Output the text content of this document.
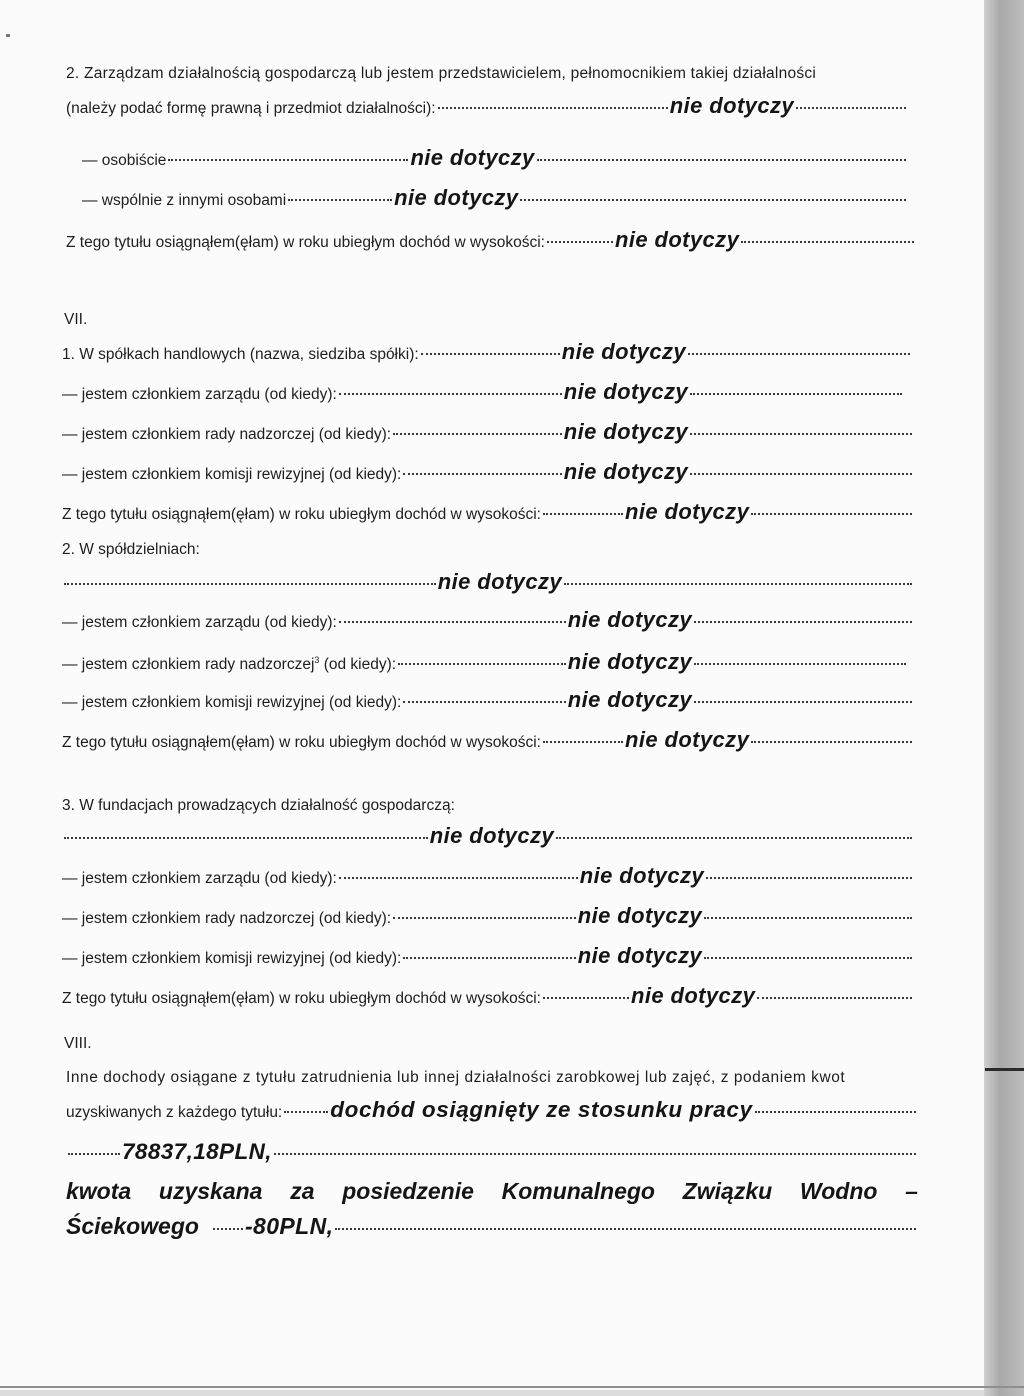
2. Zarządzam działalnością gospodarczą lub jestem przedstawicielem, pełnomocnikiem takiej działalności
(należy podać formę prawną i przedmiot działalności):	nie dotyczy
— osobiście	nie dotyczy
— wspólnie z innymi osobami	nie dotyczy
Z tego tytułu osiągnąłem(ęłam) w roku ubiegłym dochód w wysokości:	nie dotyczy
VII.
1. W spółkach handlowych (nazwa, siedziba spółki):	nie dotyczy
— jestem członkiem zarządu (od kiedy):	nie dotyczy
— jestem członkiem rady nadzorczej (od kiedy):	nie dotyczy
— jestem członkiem komisji rewizyjnej (od kiedy):	nie dotyczy
Z tego tytułu osiągnąłem(ęłam) w roku ubiegłym dochód w wysokości:	nie dotyczy
2. W spółdzielniach:
nie dotyczy
— jestem członkiem zarządu (od kiedy):	nie dotyczy
— jestem członkiem rady nadzorczej$^3$ (od kiedy):	nie dotyczy
— jestem członkiem komisji rewizyjnej (od kiedy):	nie dotyczy
Z tego tytułu osiągnąłem(ęłam) w roku ubiegłym dochód w wysokości:	nie dotyczy
3. W fundacjach prowadzących działalność gospodarczą:
nie dotyczy
— jestem członkiem zarządu (od kiedy):	nie dotyczy
— jestem członkiem rady nadzorczej (od kiedy):	nie dotyczy
— jestem członkiem komisji rewizyjnej (od kiedy):	nie dotyczy
Z tego tytułu osiągnąłem(ęłam) w roku ubiegłym dochód w wysokości:	nie dotyczy
VIII.
Inne dochody osiągane z tytułu zatrudnienia lub innej działalności zarobkowej lub zajęć, z podaniem kwot
uzyskiwanych z każdego tytułu: dochód osiągnięty ze stosunku pracy
78837,18PLN,
kwota uzyskana za posiedzenie Komunalnego Związku Wodno –
Ściekowego -80PLN,
